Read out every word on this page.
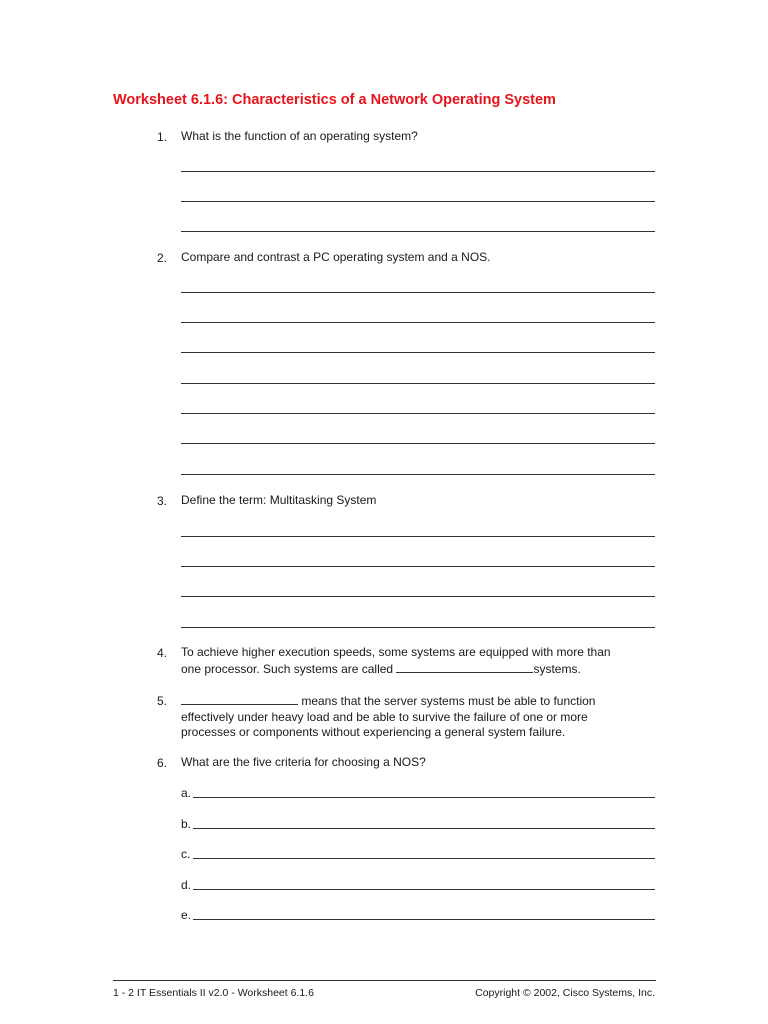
Worksheet 6.1.6: Characteristics of a Network Operating System
1. What is the function of an operating system?
2. Compare and contrast a PC operating system and a NOS.
3. Define the term: Multitasking System
4. To achieve higher execution speeds, some systems are equipped with more than
one processor. Such systems are called	systems.
5.	means that the server systems must be able to function
effectively under heavy load and be able to survive the failure of one or more
processes or components without experiencing a general system failure.
6. What are the five criteria for choosing a NOS?
a.
b.
c.
d.
e.
1 - 2 IT Essentials II v2.0 - Worksheet 6.1.6	Copyright © 2002, Cisco Systems, Inc.
